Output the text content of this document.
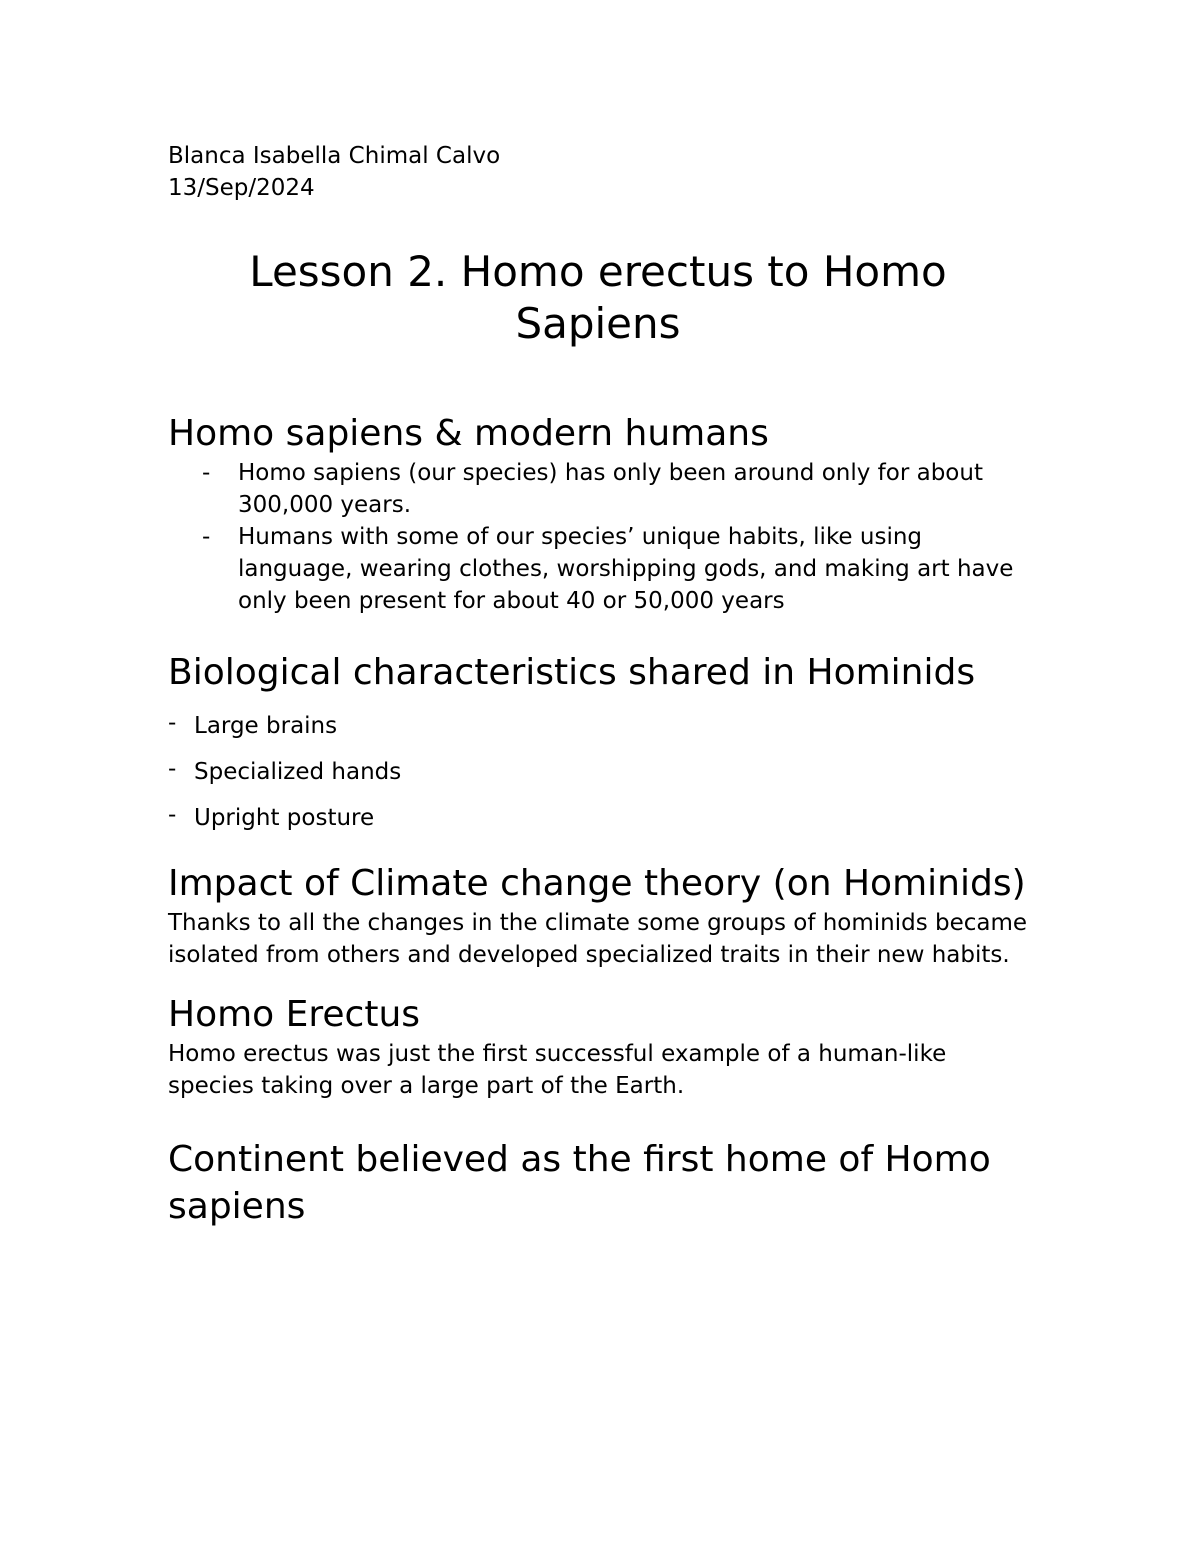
Blanca Isabella Chimal Calvo

13/Sep/2024

Lesson 2. Homo erectus to Homo Sapiens
Homo sapiens & modern humans
- Homo sapiens (our species) has only been around only for about 300,000 years.
- Humans with some of our species’ unique habits, like using language, wearing clothes, worshipping gods, and making art have only been present for about 40 or 50,000 years
Biological characteristics shared in Hominids
- Large brains
- Specialized hands
- Upright posture
Impact of Climate change theory (on Hominids)

Thanks to all the changes in the climate some groups of hominids became isolated from others and developed specialized traits in their new habits.

Homo Erectus

Homo erectus was just the first successful example of a human-like species taking over a large part of the Earth.

Continent believed as the first home of Homo sapiens
